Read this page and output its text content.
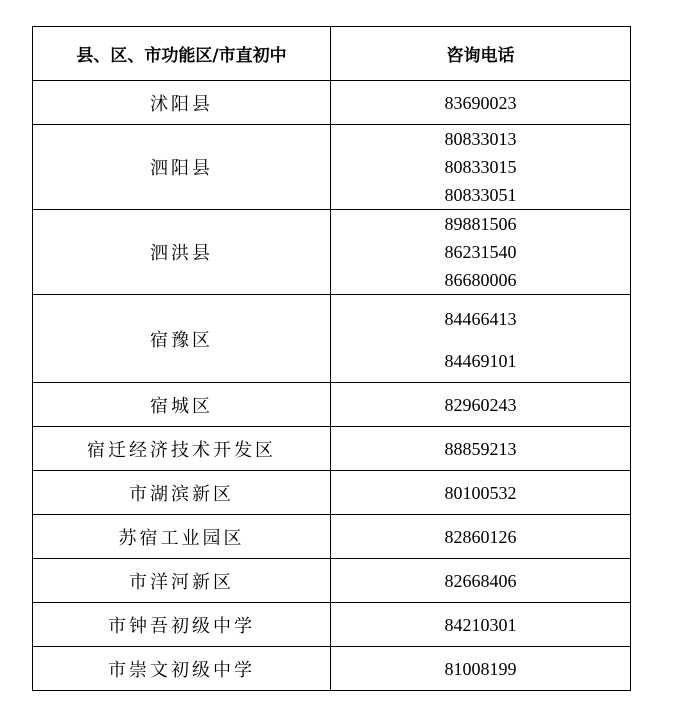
县、区、市功能区/市直初中	咨询电话
沭阳县	83690023

泗阳县	80833013
80833015
80833051

泗洪县	89881506
86231540
86680006

宿豫区	84466413
84469101

宿城区	82960243

宿迁经济技术开发区	88859213

市湖滨新区	80100532

苏宿工业园区	82860126

市洋河新区	82668406

市钟吾初级中学	84210301

市崇文初级中学	81008199
